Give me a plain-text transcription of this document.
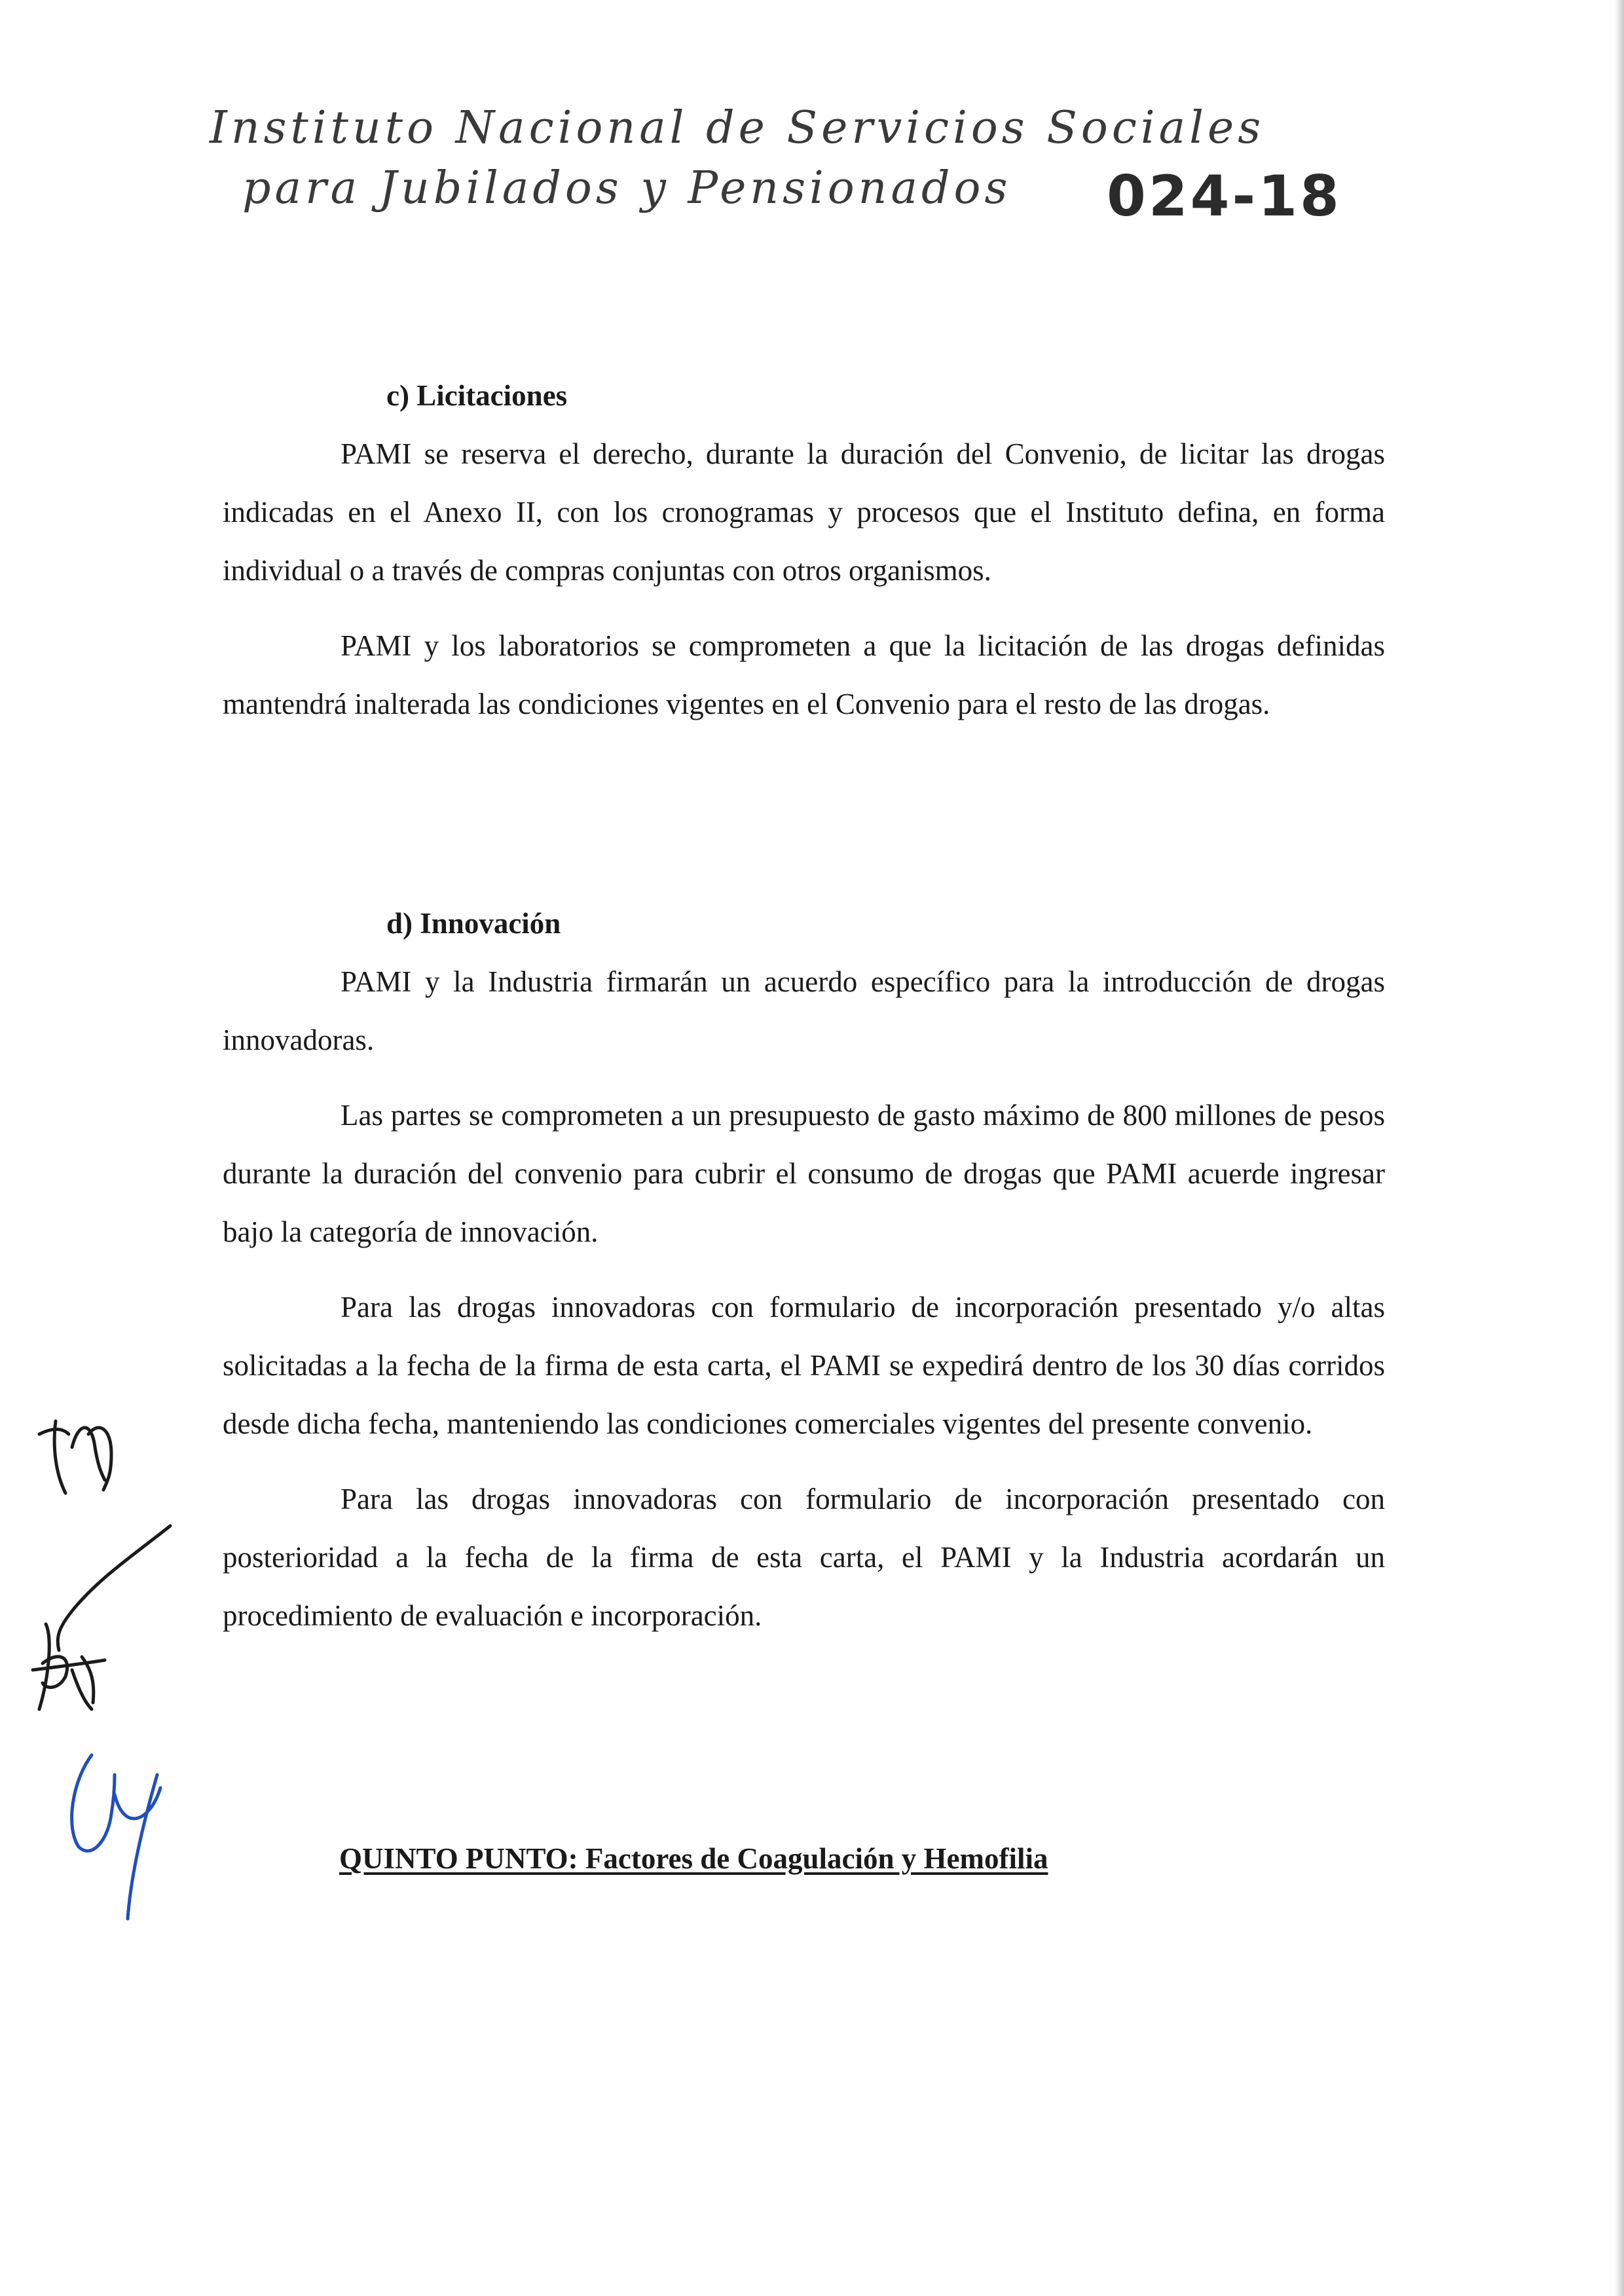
Instituto Nacional de Servicios Sociales
para Jubilados y Pensionados	024-18

c) Licitaciones

PAMI se reserva el derecho, durante la duración del Convenio, de licitar las drogas indicadas en el Anexo II, con los cronogramas y procesos que el Instituto defina, en forma individual o a través de compras conjuntas con otros organismos.

PAMI y los laboratorios se comprometen a que la licitación de las drogas definidas mantendrá inalterada las condiciones vigentes en el Convenio para el resto de las drogas.

d) Innovación

PAMI y la Industria firmarán un acuerdo específico para la introducción de drogas innovadoras.

Las partes se comprometen a un presupuesto de gasto máximo de 800 millones de pesos durante la duración del convenio para cubrir el consumo de drogas que PAMI acuerde ingresar bajo la categoría de innovación.

Para las drogas innovadoras con formulario de incorporación presentado y/o altas solicitadas a la fecha de la firma de esta carta, el PAMI se expedirá dentro de los 30 días corridos desde dicha fecha, manteniendo las condiciones comerciales vigentes del presente convenio.

Para las drogas innovadoras con formulario de incorporación presentado con posterioridad a la fecha de la firma de esta carta, el PAMI y la Industria acordarán un procedimiento de evaluación e incorporación.

QUINTO PUNTO: Factores de Coagulación y Hemofilia
